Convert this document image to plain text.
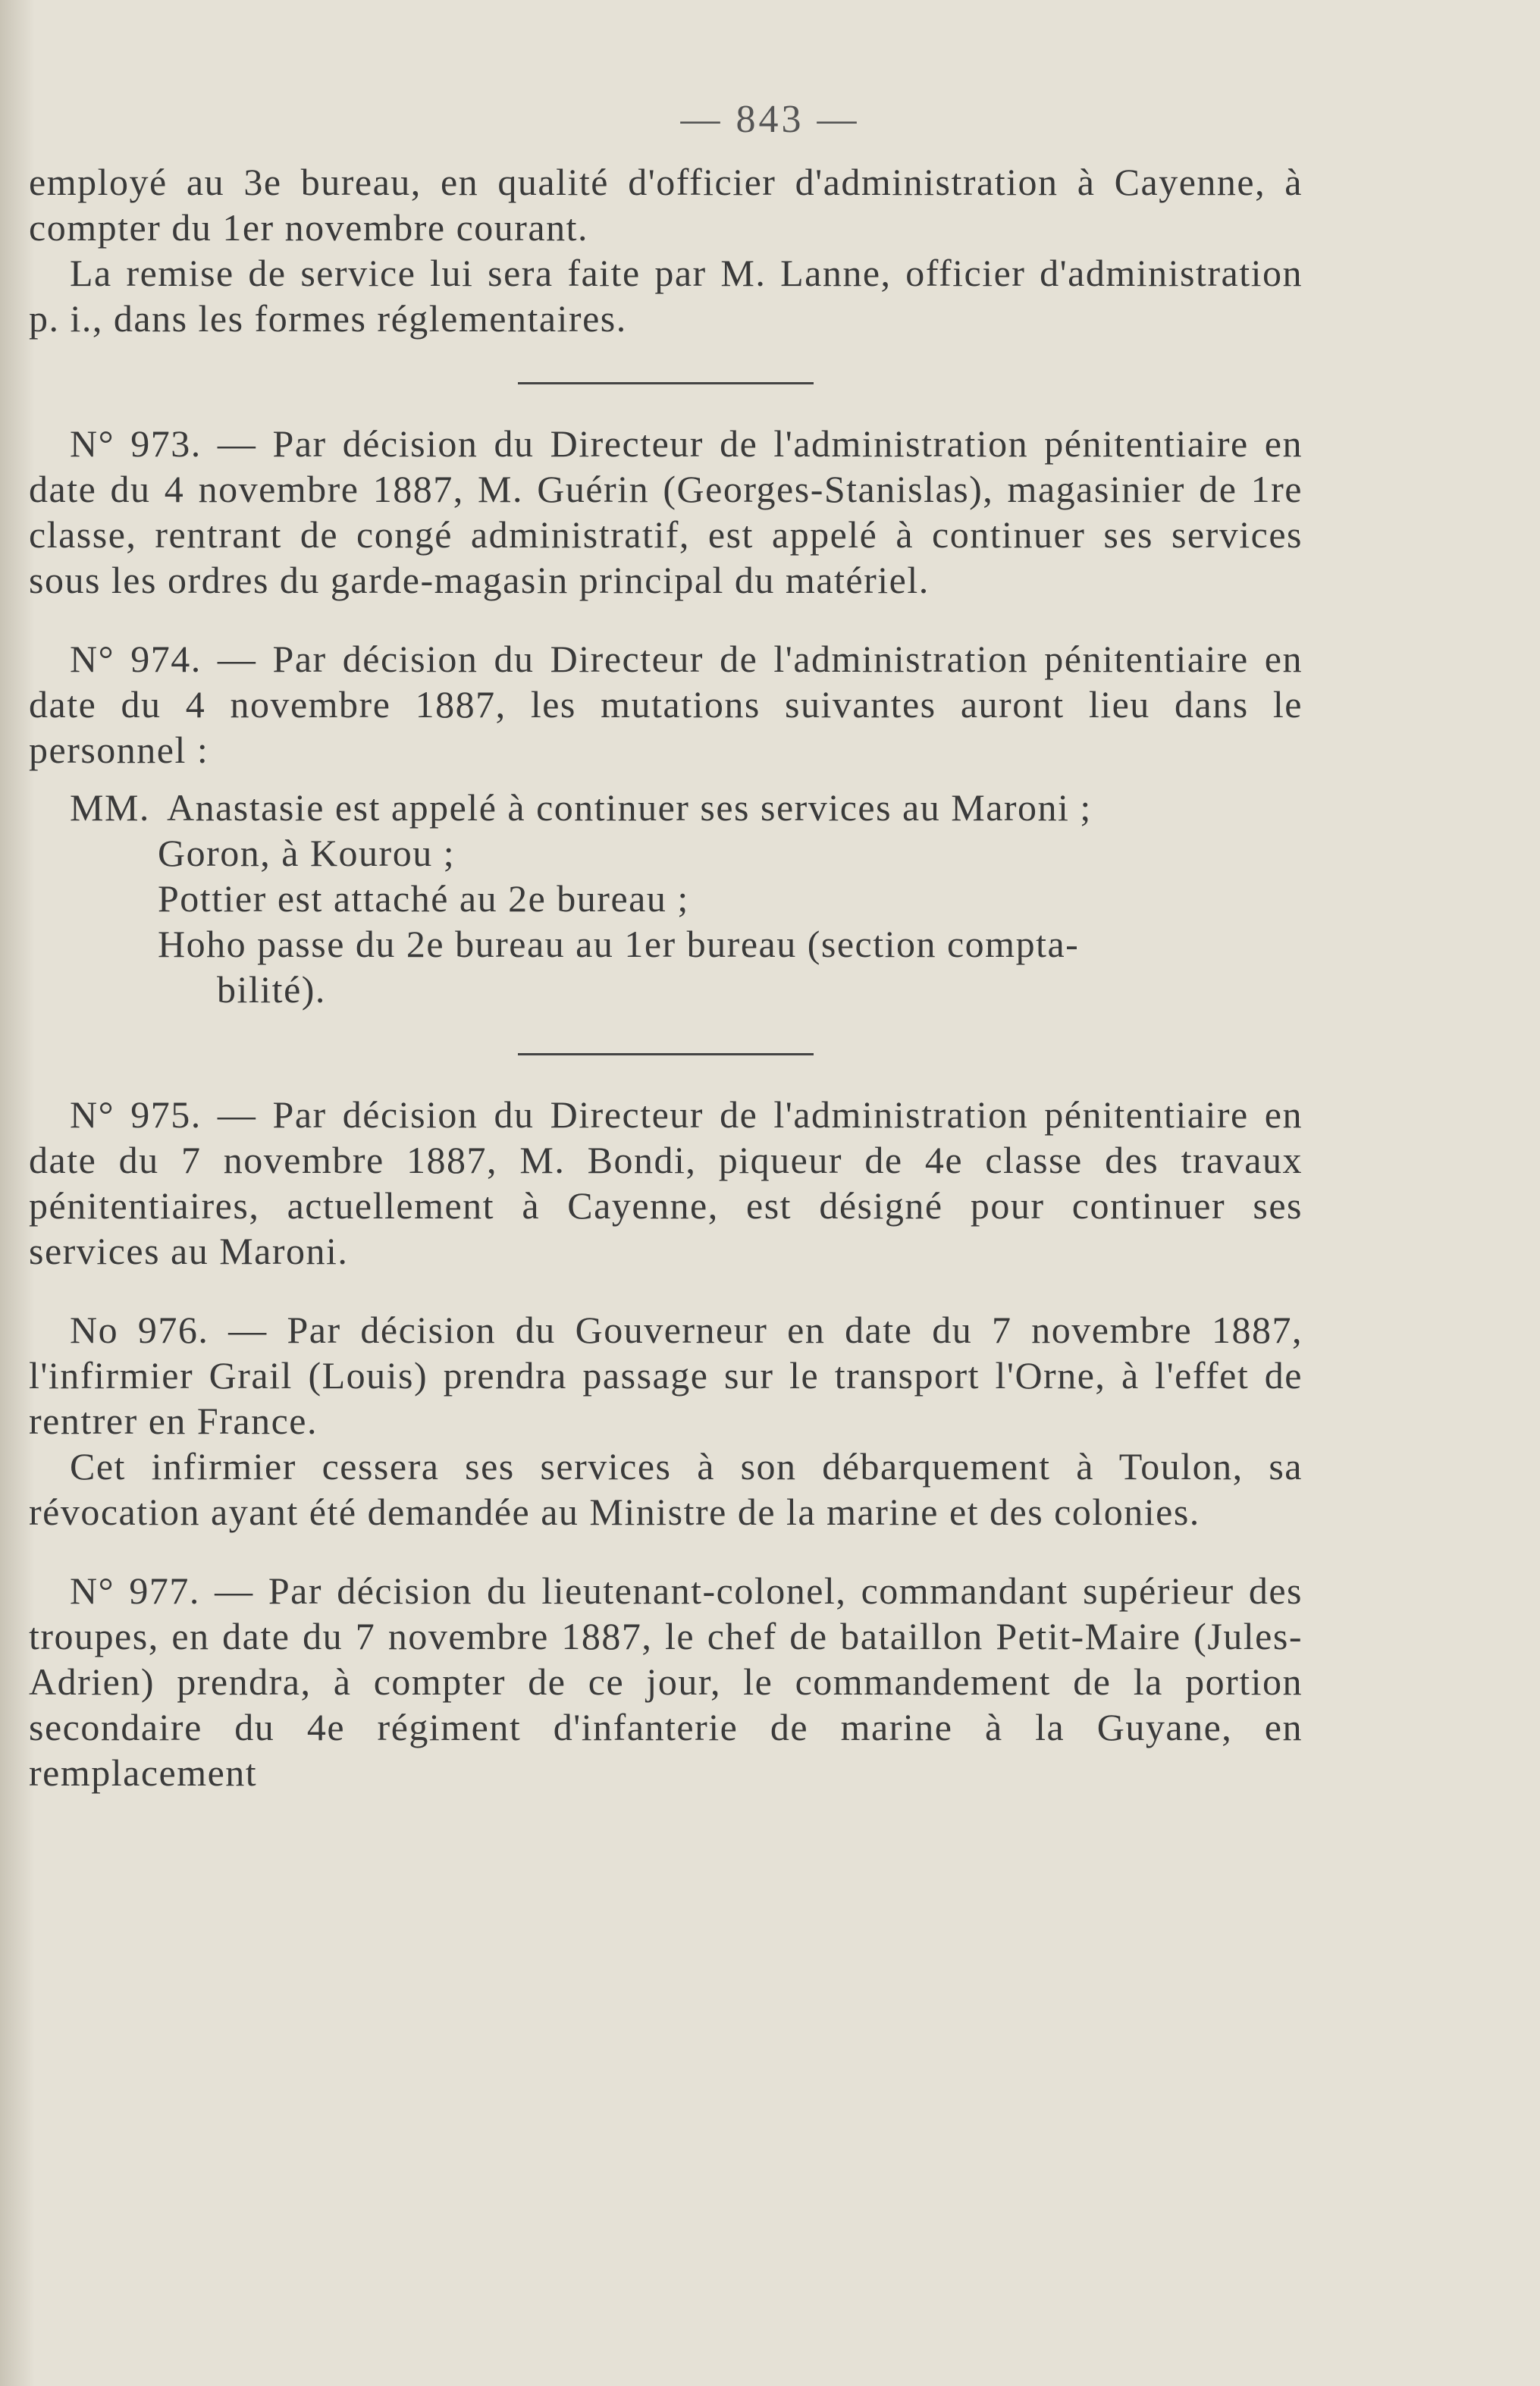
— 843 —

employé au 3e bureau, en qualité d'officier d'administration à Cayenne, à compter du 1er novembre courant.

La remise de service lui sera faite par M. Lanne, officier d'administration p. i., dans les formes réglementaires.

N° 973. — Par décision du Directeur de l'administration pénitentiaire en date du 4 novembre 1887, M. Guérin (Georges-Stanislas), magasinier de 1re classe, rentrant de congé administratif, est appelé à continuer ses services sous les ordres du garde-magasin principal du matériel.

N° 974. — Par décision du Directeur de l'administration pénitentiaire en date du 4 novembre 1887, les mutations suivantes auront lieu dans le personnel :

MM. Anastasie est appelé à continuer ses services au Maroni ;
Goron, à Kourou ;
Pottier est attaché au 2e bureau ;
Hoho passe du 2e bureau au 1er bureau (section compta-
bilité).

N° 975. — Par décision du Directeur de l'administration pénitentiaire en date du 7 novembre 1887, M. Bondi, piqueur de 4e classe des travaux pénitentiaires, actuellement à Cayenne, est désigné pour continuer ses services au Maroni.

No 976. — Par décision du Gouverneur en date du 7 novembre 1887, l'infirmier Grail (Louis) prendra passage sur le transport l'Orne, à l'effet de rentrer en France.

Cet infirmier cessera ses services à son débarquement à Toulon, sa révocation ayant été demandée au Ministre de la marine et des colonies.

N° 977. — Par décision du lieutenant-colonel, commandant supérieur des troupes, en date du 7 novembre 1887, le chef de bataillon Petit-Maire (Jules-Adrien) prendra, à compter de ce jour, le commandement de la portion secondaire du 4e régiment d'infanterie de marine à la Guyane, en remplacement
